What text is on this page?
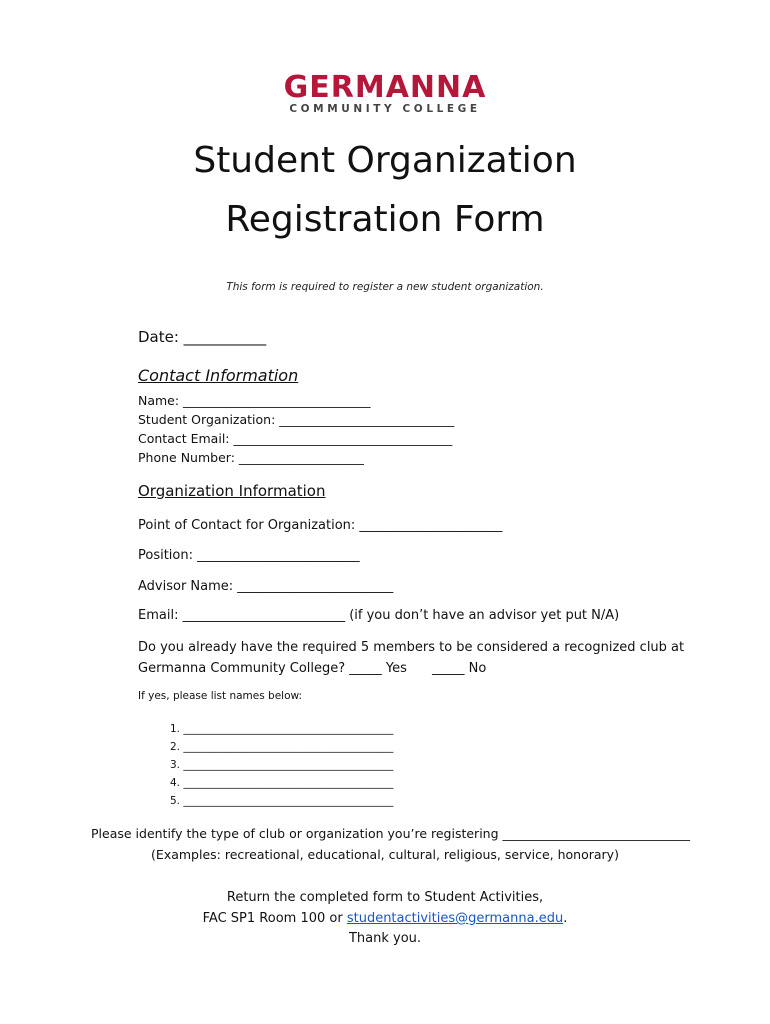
GERMANNA
COMMUNITY COLLEGE
Student Organization
Registration Form
This form is required to register a new student organization.
Date: ___________
Contact Information
Name: ______________________________
Student Organization: ____________________________
Contact Email: ___________________________________
Phone Number: ____________________
Organization Information
Point of Contact for Organization: ______________________
Position: _________________________
Advisor Name: ________________________
Email: _________________________ (if you don’t have an advisor yet put N/A)
Do you already have the required 5 members to be considered a recognized club at
Germanna Community College? _____ Yes _____ No
If yes, please list names below:
1. ________________________________________
2. ________________________________________
3. ________________________________________
4. ________________________________________
5. ________________________________________
Please identify the type of club or organization you’re registering ______________________________
(Examples: recreational, educational, cultural, religious, service, honorary)
Return the completed form to Student Activities,
FAC SP1 Room 100 or studentactivities@germanna.edu.
Thank you.
